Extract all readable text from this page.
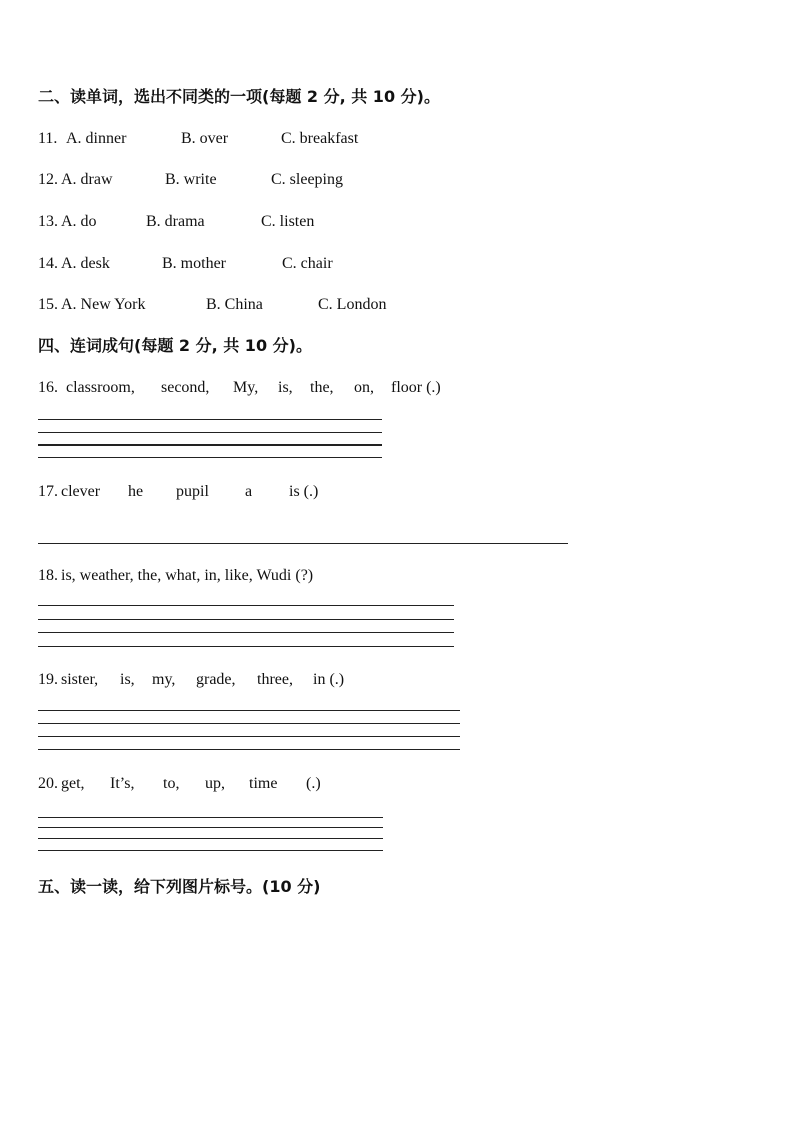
二、读单词，选出不同类的一项(每题 2 分, 共 10 分)。
11. A. dinner	B. over	C. breakfast
12. A. draw	B. write	C. sleeping
13. A. do	B. drama	C. listen
14. A. desk	B. mother	C. chair
15. A. New York	B. China	C. London
四、连词成句(每题 2 分, 共 10 分)。
16. classroom, second, My, is, the, on, floor (.)
17. clever he pupil a is (.)
18. is, weather, the, what, in, like, Wudi (?)
19. sister, is, my, grade, three, in (.)
20. get, It’s, to, up, time (.)
五、读一读，给下列图片标号。(10 分)
